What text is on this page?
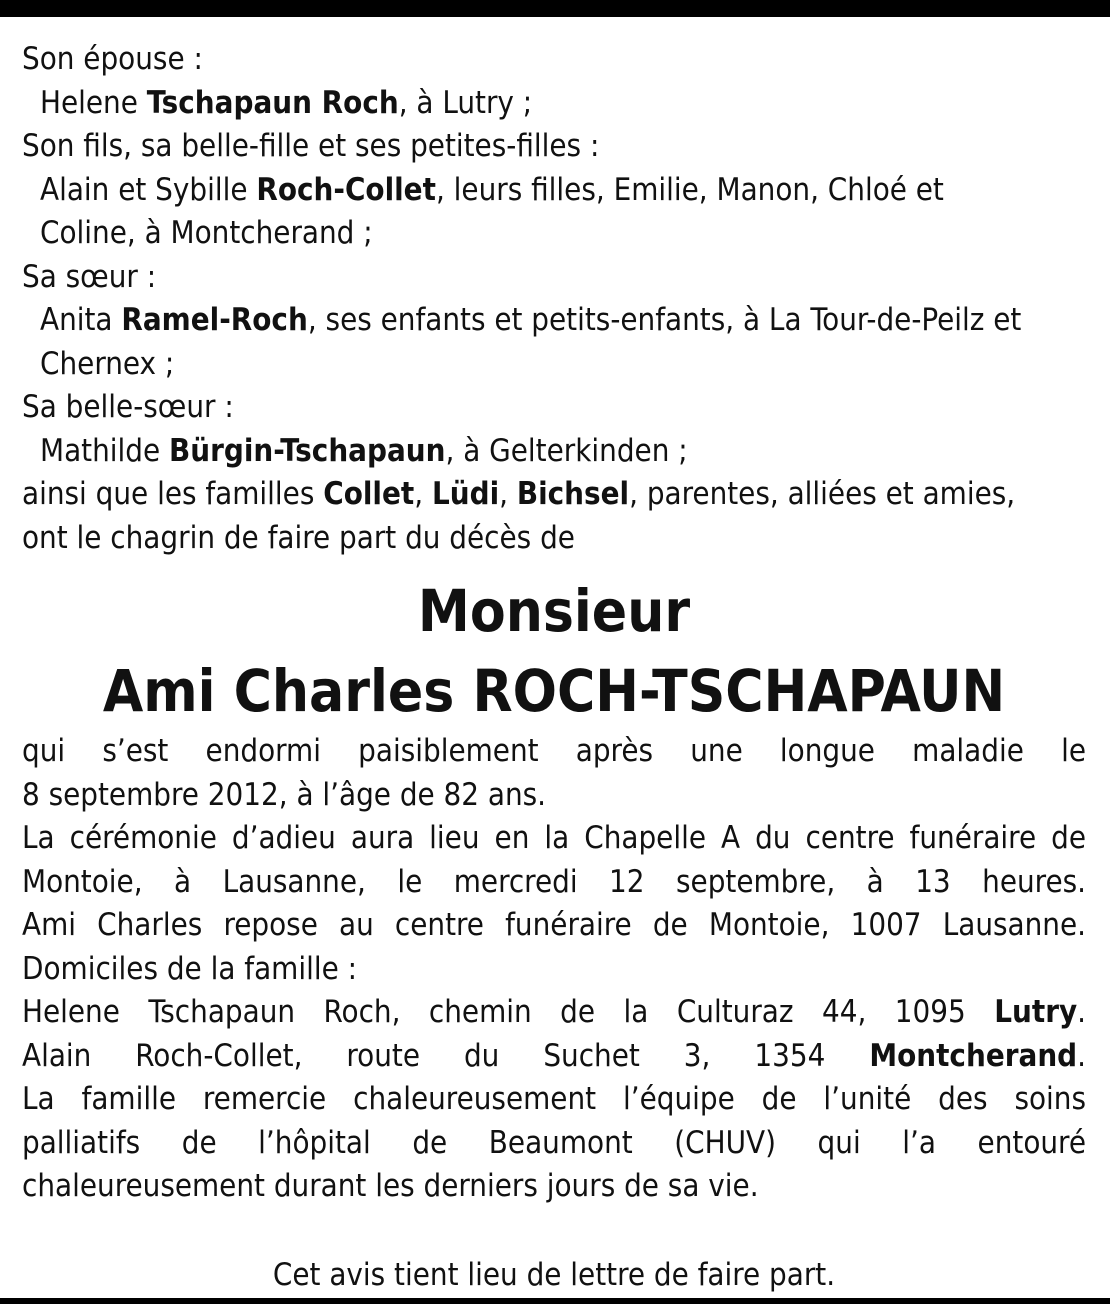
Son épouse :
Helene Tschapaun Roch, à Lutry ;
Son fils, sa belle-fille et ses petites-filles :
Alain et Sybille Roch-Collet, leurs filles, Emilie, Manon, Chloé et
Coline, à Montcherand ;
Sa sœur :
Anita Ramel-Roch, ses enfants et petits-enfants, à La Tour-de-Peilz et
Chernex ;
Sa belle-sœur :
Mathilde Bürgin-Tschapaun, à Gelterkinden ;
ainsi que les familles Collet, Lüdi, Bichsel, parentes, alliées et amies,
ont le chagrin de faire part du décès de
Monsieur
Ami Charles ROCH-TSCHAPAUN
qui s’est endormi paisiblement après une longue maladie le
8 septembre 2012, à l’âge de 82 ans.
La cérémonie d’adieu aura lieu en la Chapelle A du centre funéraire de
Montoie, à Lausanne, le mercredi 12 septembre, à 13 heures.
Ami Charles repose au centre funéraire de Montoie, 1007 Lausanne.
Domiciles de la famille :
Helene Tschapaun Roch, chemin de la Culturaz 44, 1095 Lutry.
Alain Roch-Collet, route du Suchet 3, 1354 Montcherand.
La famille remercie chaleureusement l’équipe de l’unité des soins
palliatifs de l’hôpital de Beaumont (CHUV) qui l’a entouré
chaleureusement durant les derniers jours de sa vie.
Cet avis tient lieu de lettre de faire part.
